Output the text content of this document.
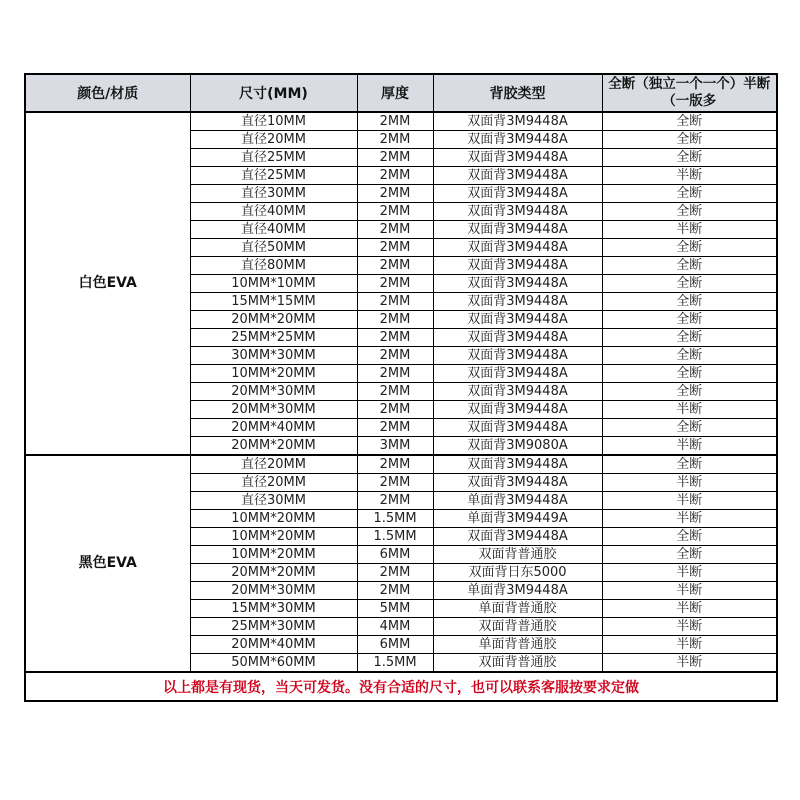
颜色/材质	尺寸(MM)	厚度	背胶类型	全断（独立一个一个）半断（一版多
白色EVA	直径10MM	2MM	双面背3M9448A	全断
	直径20MM	2MM	双面背3M9448A	全断
	直径25MM	2MM	双面背3M9448A	全断
	直径25MM	2MM	双面背3M9448A	半断
	直径30MM	2MM	双面背3M9448A	全断
	直径40MM	2MM	双面背3M9448A	全断
	直径40MM	2MM	双面背3M9448A	半断
	直径50MM	2MM	双面背3M9448A	全断
	直径80MM	2MM	双面背3M9448A	全断
	10MM*10MM	2MM	双面背3M9448A	全断
	15MM*15MM	2MM	双面背3M9448A	全断
	20MM*20MM	2MM	双面背3M9448A	全断
	25MM*25MM	2MM	双面背3M9448A	全断
	30MM*30MM	2MM	双面背3M9448A	全断
	10MM*20MM	2MM	双面背3M9448A	全断
	20MM*30MM	2MM	双面背3M9448A	全断
	20MM*30MM	2MM	双面背3M9448A	半断
	20MM*40MM	2MM	双面背3M9448A	全断
	20MM*20MM	3MM	双面背3M9080A	半断
黑色EVA	直径20MM	2MM	双面背3M9448A	全断
	直径20MM	2MM	双面背3M9448A	半断
	直径30MM	2MM	单面背3M9448A	半断
	10MM*20MM	1.5MM	单面背3M9449A	半断
	10MM*20MM	1.5MM	双面背3M9448A	全断
	10MM*20MM	6MM	双面背普通胶	全断
	20MM*20MM	2MM	双面背日东5000	半断
	20MM*30MM	2MM	单面背3M9448A	半断
	15MM*30MM	5MM	单面背普通胶	半断
	25MM*30MM	4MM	双面背普通胶	半断
	20MM*40MM	6MM	单面背普通胶	半断
	50MM*60MM	1.5MM	双面背普通胶	半断
以上都是有现货，当天可发货。没有合适的尺寸，也可以联系客服按要求定做				
